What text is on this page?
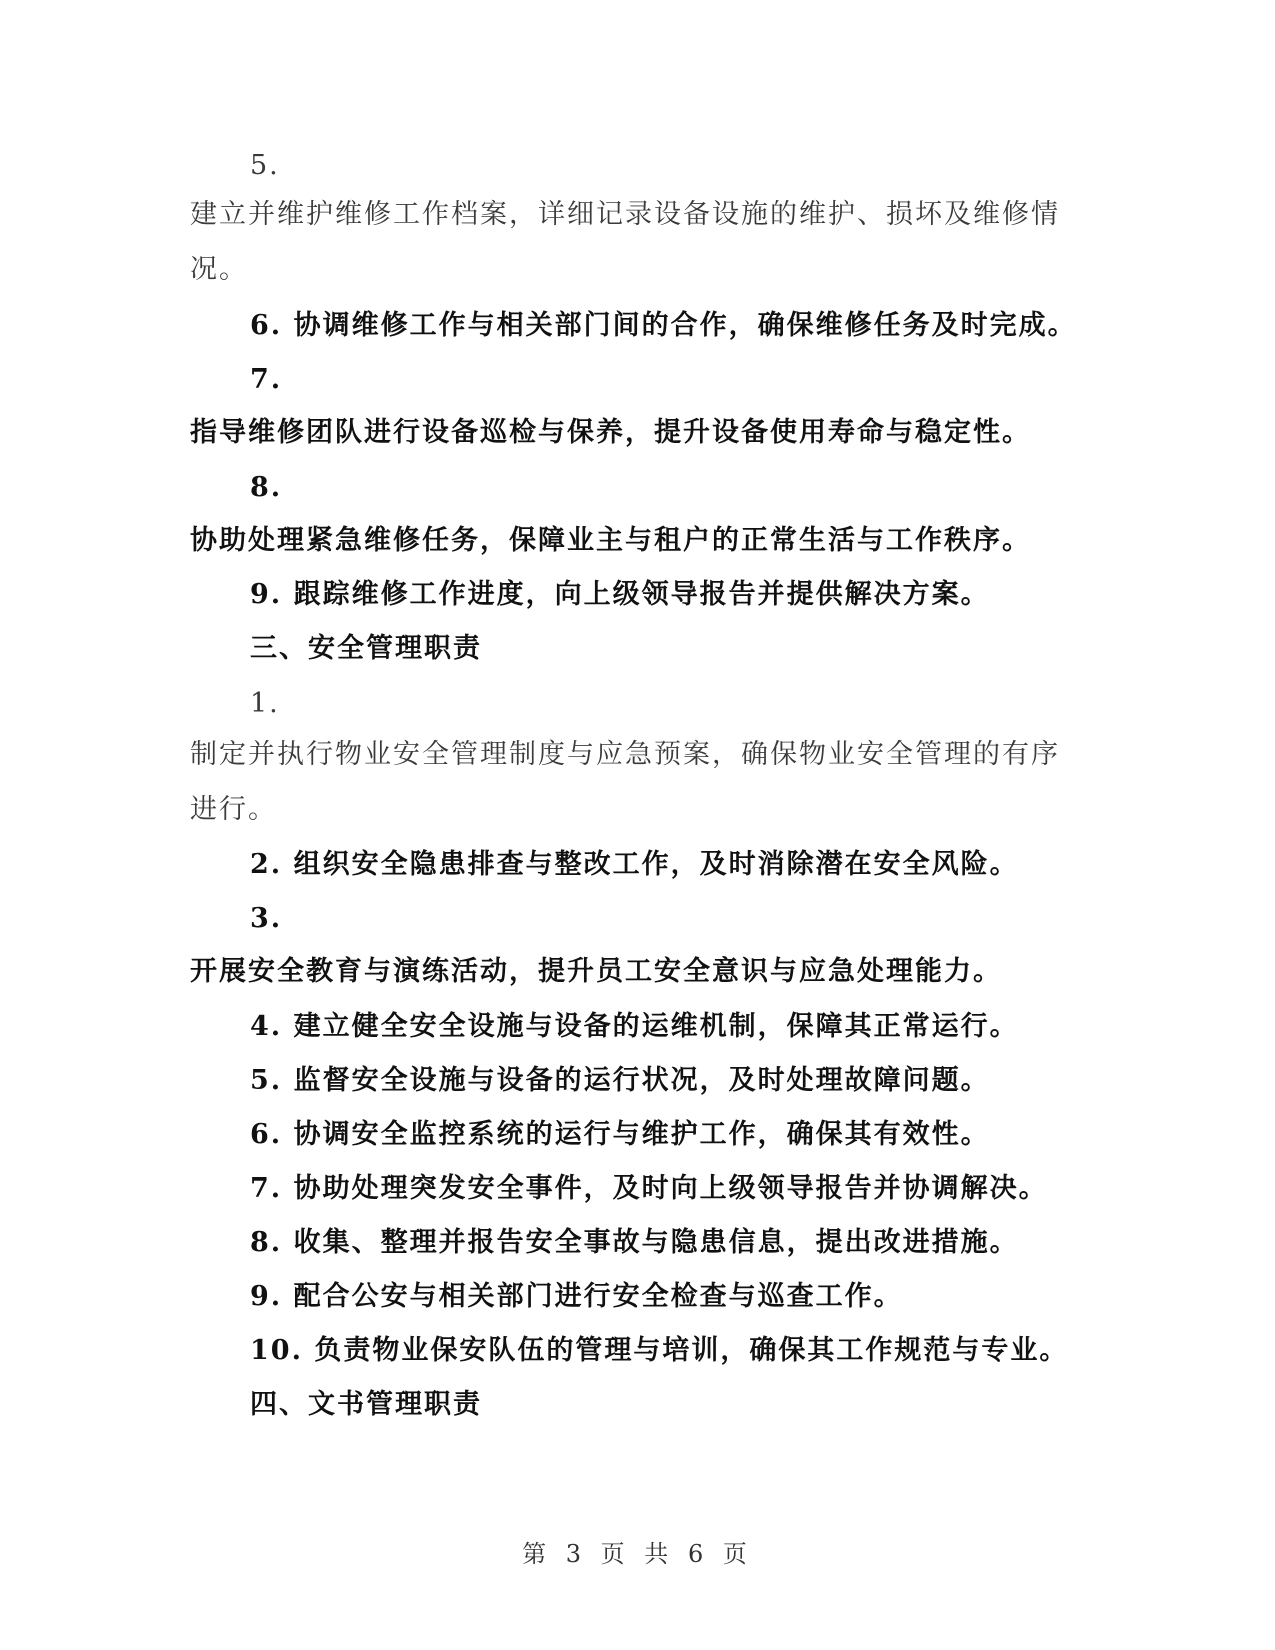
5.
建立并维护维修工作档案，详细记录设备设施的维护、损坏及维修情
况。
6. 协调维修工作与相关部门间的合作，确保维修任务及时完成。
7.
指导维修团队进行设备巡检与保养，提升设备使用寿命与稳定性。
8.
协助处理紧急维修任务，保障业主与租户的正常生活与工作秩序。
9. 跟踪维修工作进度，向上级领导报告并提供解决方案。
三、安全管理职责
1.
制定并执行物业安全管理制度与应急预案，确保物业安全管理的有序
进行。
2. 组织安全隐患排查与整改工作，及时消除潜在安全风险。
3.
开展安全教育与演练活动，提升员工安全意识与应急处理能力。
4. 建立健全安全设施与设备的运维机制，保障其正常运行。
5. 监督安全设施与设备的运行状况，及时处理故障问题。
6. 协调安全监控系统的运行与维护工作，确保其有效性。
7. 协助处理突发安全事件，及时向上级领导报告并协调解决。
8. 收集、整理并报告安全事故与隐患信息，提出改进措施。
9. 配合公安与相关部门进行安全检查与巡查工作。
10. 负责物业保安队伍的管理与培训，确保其工作规范与专业。
四、文书管理职责
第 3 页 共 6 页
